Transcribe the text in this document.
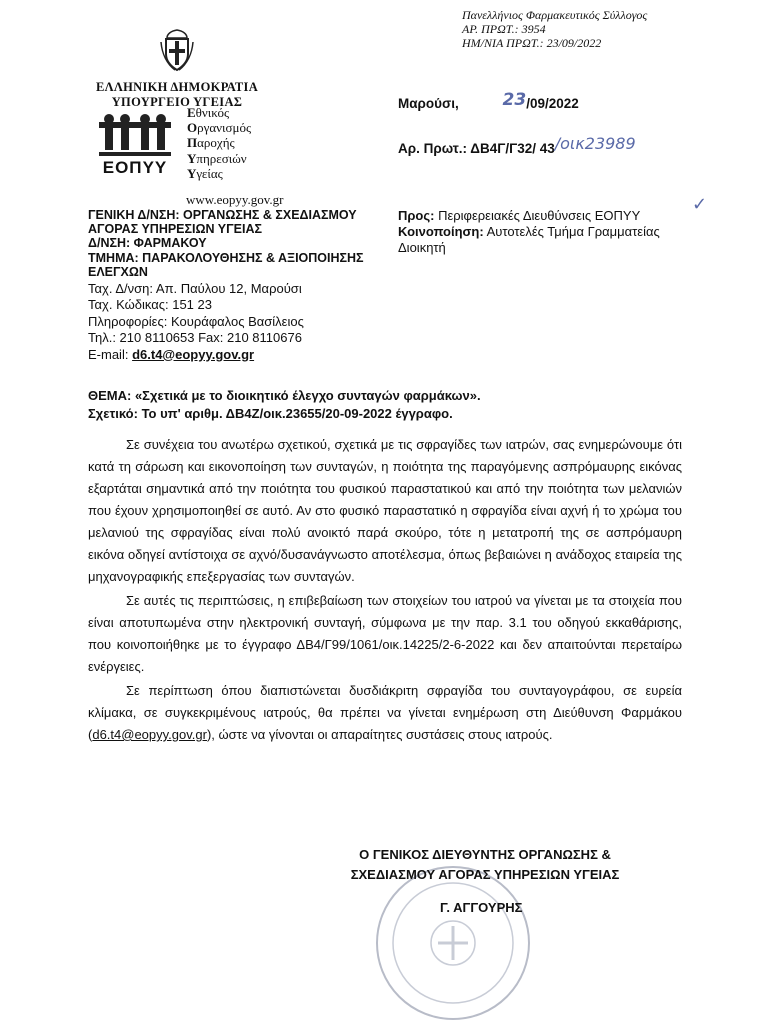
Πανελλήνιος Φαρμακευτικός Σύλλογος
ΑΡ. ΠΡΩΤ.: 3954
ΗΜ/ΝΙΑ ΠΡΩΤ.: 23/09/2022
ΕΛΛΗΝΙΚΗ ΔΗΜΟΚΡΑΤΙΑ
ΥΠΟΥΡΓΕΙΟ ΥΓΕΙΑΣ
ΕΟΠΥΥ
Εθνικός
Οργανισμός
Παροχής
Υπηρεσιών
Υγείας
www.eopyy.gov.gr
ΓΕΝΙΚΗ Δ/ΝΣΗ: ΟΡΓΑΝΩΣΗΣ & ΣΧΕΔΙΑΣΜΟΥ
ΑΓΟΡΑΣ ΥΠΗΡΕΣΙΩΝ ΥΓΕΙΑΣ
Δ/ΝΣΗ: ΦΑΡΜΑΚΟΥ
ΤΜΗΜΑ: ΠΑΡΑΚΟΛΟΥΘΗΣΗΣ & ΑΞΙΟΠΟΙΗΣΗΣ
ΕΛΕΓΧΩΝ
Ταχ. Δ/νση: Απ. Παύλου 12, Μαρούσι
Ταχ. Κώδικας: 151 23
Πληροφορίες: Κουράφαλος Βασίλειος
Τηλ.: 210 8110653 Fax: 210 8110676
E-mail: d6.t4@eopyy.gov.gr
Μαρούσι,	23/09/2022
Αρ. Πρωτ.: ΔΒ4Γ/Γ32/ 43/οικ23989
✓
Προς: Περιφερειακές Διευθύνσεις ΕΟΠΥΥ
Κοινοποίηση: Αυτοτελές Τμήμα Γραμματείας Διοικητή
ΘΕΜΑ: «Σχετικά με το διοικητικό έλεγχο συνταγών φαρμάκων».
Σχετικό: Το υπ' αριθμ. ΔΒ4Ζ/οικ.23655/20-09-2022 έγγραφο.

Σε συνέχεια του ανωτέρω σχετικού, σχετικά με τις σφραγίδες των ιατρών, σας ενημερώνουμε ότι κατά τη σάρωση και εικονοποίηση των συνταγών, η ποιότητα της παραγόμενης ασπρόμαυρης εικόνας εξαρτάται σημαντικά από την ποιότητα του φυσικού παραστατικού και από την ποιότητα των μελανιών που έχουν χρησιμοποιηθεί σε αυτό. Αν στο φυσικό παραστατικό η σφραγίδα είναι αχνή ή το χρώμα του μελανιού της σφραγίδας είναι πολύ ανοικτό παρά σκούρο, τότε η μετατροπή της σε ασπρόμαυρη εικόνα οδηγεί αντίστοιχα σε αχνό/δυσανάγνωστο αποτέλεσμα, όπως βεβαιώνει η ανάδοχος εταιρεία της μηχανογραφικής επεξεργασίας των συνταγών.

Σε αυτές τις περιπτώσεις, η επιβεβαίωση των στοιχείων του ιατρού να γίνεται με τα στοιχεία που είναι αποτυπωμένα στην ηλεκτρονική συνταγή, σύμφωνα με την παρ. 3.1 του οδηγού εκκαθάρισης, που κοινοποιήθηκε με το έγγραφο ΔΒ4/Γ99/1061/οικ.14225/2-6-2022 και δεν απαιτούνται περεταίρω ενέργειες.

Σε περίπτωση όπου διαπιστώνεται δυσδιάκριτη σφραγίδα του συνταγογράφου, σε ευρεία κλίμακα, σε συγκεκριμένους ιατρούς, θα πρέπει να γίνεται ενημέρωση στη Διεύθυνση Φαρμάκου (d6.t4@eopyy.gov.gr), ώστε να γίνονται οι απαραίτητες συστάσεις στους ιατρούς.

Ο ΓΕΝΙΚΟΣ ΔΙΕΥΘΥΝΤΗΣ ΟΡΓΑΝΩΣΗΣ &
ΣΧΕΔΙΑΣΜΟΥ ΑΓΟΡΑΣ ΥΠΗΡΕΣΙΩΝ ΥΓΕΙΑΣ
Γ. ΑΓΓΟΥΡΗΣ
